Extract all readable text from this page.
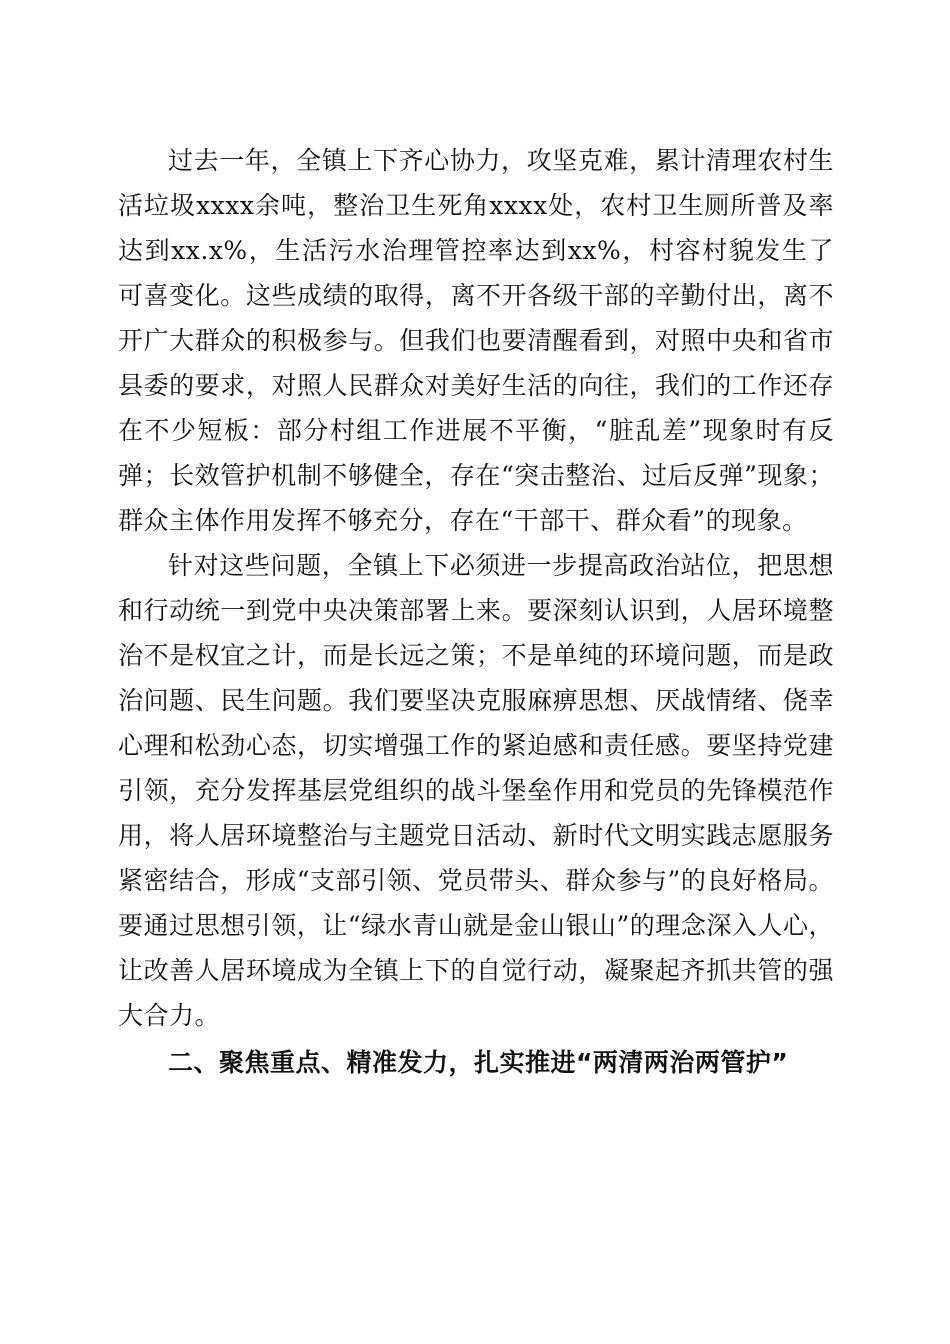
过去一年，全镇上下齐心协力，攻坚克难，累计清理农村生活垃圾xxxx余吨，整治卫生死角xxxx处，农村卫生厕所普及率达到xx.x%，生活污水治理管控率达到xx%，村容村貌发生了可喜变化。这些成绩的取得，离不开各级干部的辛勤付出，离不开广大群众的积极参与。但我们也要清醒看到，对照中央和省市县委的要求，对照人民群众对美好生活的向往，我们的工作还存在不少短板：部分村组工作进展不平衡，“脏乱差”现象时有反弹；长效管护机制不够健全，存在“突击整治、过后反弹”现象；群众主体作用发挥不够充分，存在“干部干、群众看”的现象。

针对这些问题，全镇上下必须进一步提高政治站位，把思想和行动统一到党中央决策部署上来。要深刻认识到，人居环境整治不是权宜之计，而是长远之策；不是单纯的环境问题，而是政治问题、民生问题。我们要坚决克服麻痹思想、厌战情绪、侥幸心理和松劲心态，切实增强工作的紧迫感和责任感。要坚持党建引领，充分发挥基层党组织的战斗堡垒作用和党员的先锋模范作用，将人居环境整治与主题党日活动、新时代文明实践志愿服务紧密结合，形成“支部引领、党员带头、群众参与”的良好格局。要通过思想引领，让“绿水青山就是金山银山”的理念深入人心，让改善人居环境成为全镇上下的自觉行动，凝聚起齐抓共管的强大合力。

二、聚焦重点、精准发力，扎实推进“两清两治两管护”
